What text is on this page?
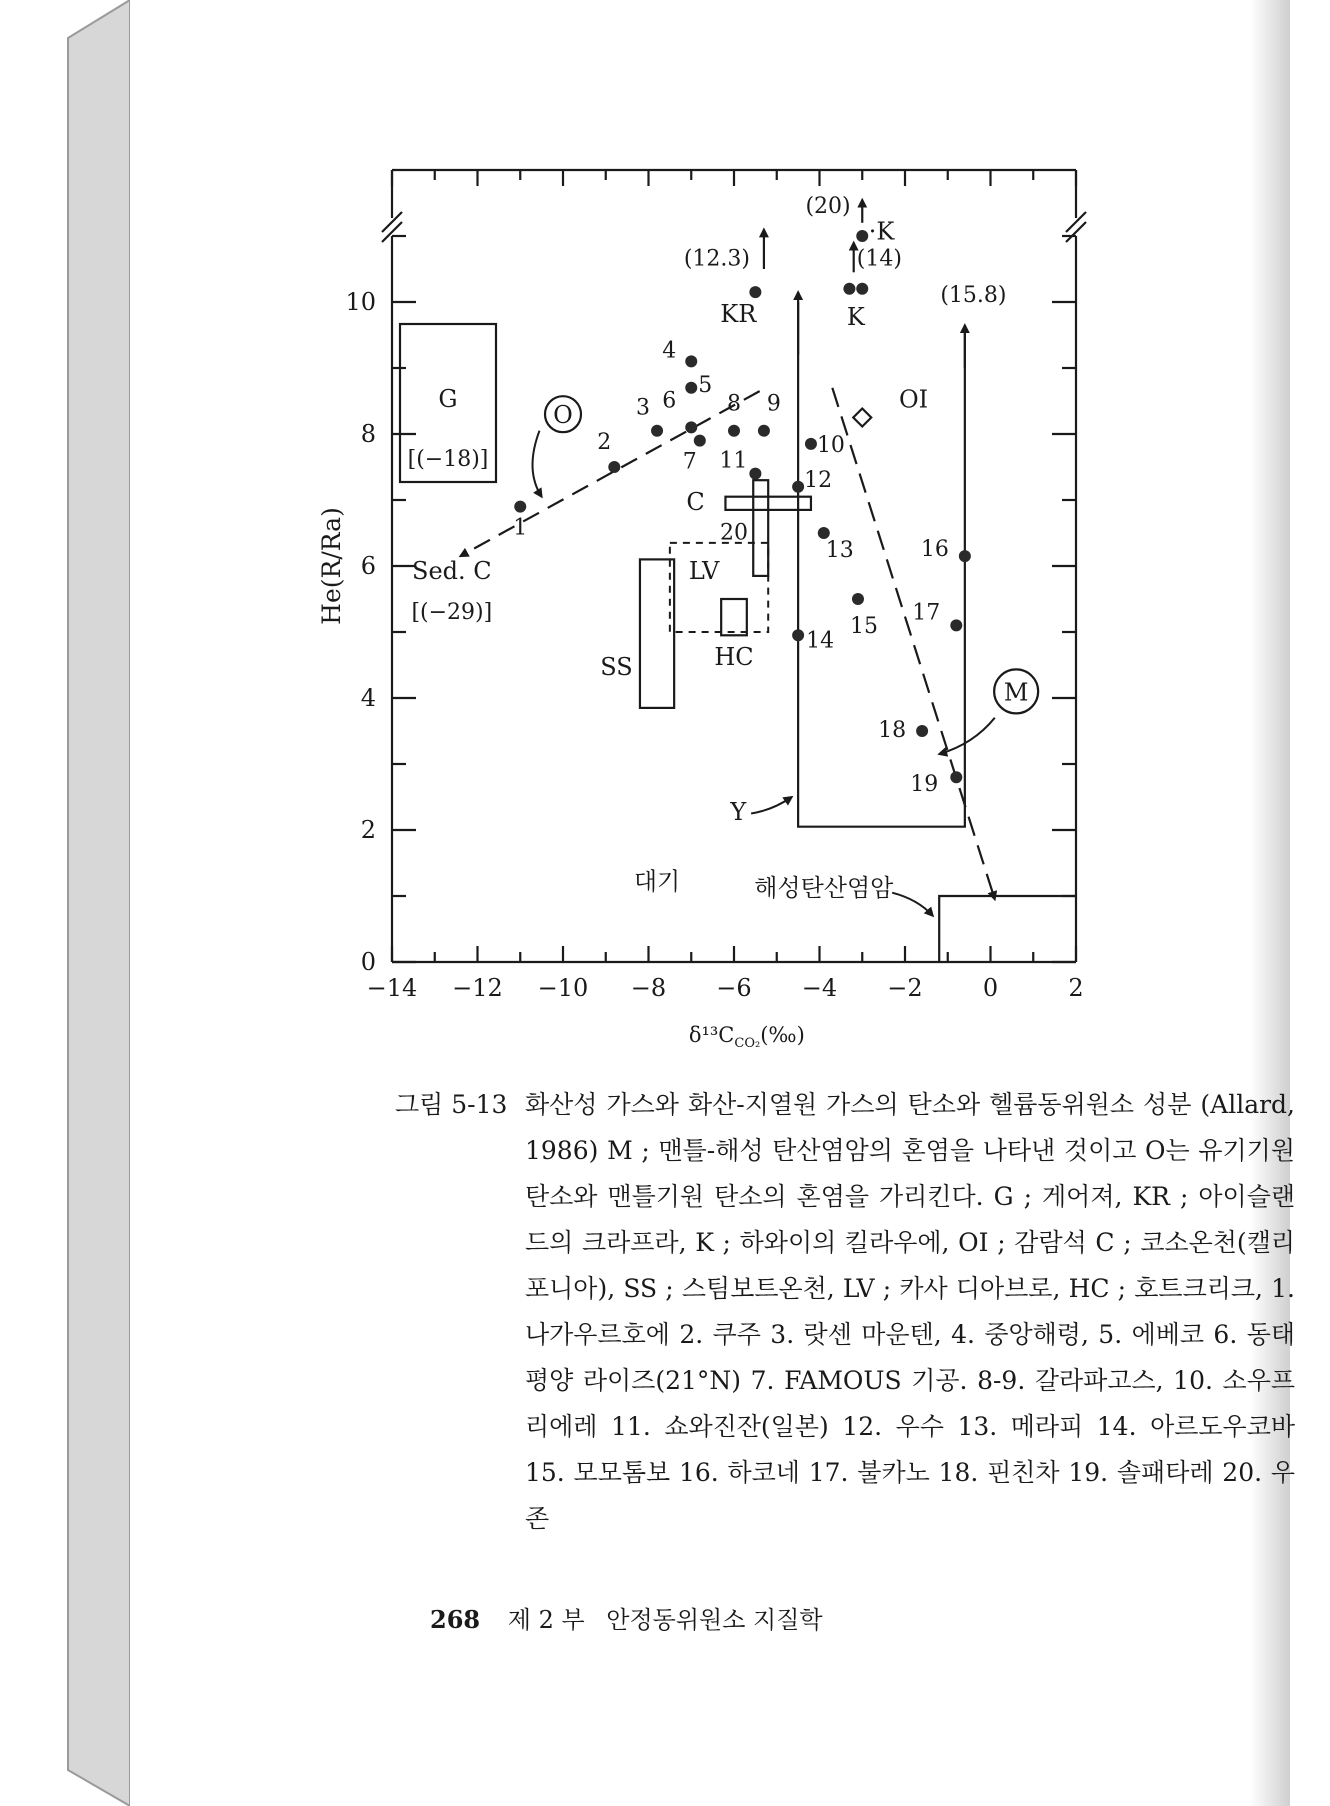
−14 −12 −10 −8 −6 −4 −2	0	2
0
2
4
6
8
10
He(R/Ra)
$\delta^{13}C_{CO_2}(‰)$
G
[(−18)]
SS
LV
HC
C
20
(15.8)
Y
해성탄산염암
대기
O
Sed. C
[(−29)]
M
OI
(12.3)
KR
(14)
K
(20)
·K
1
2
3
4
5
6
7
8 9
10
11
12
13
14
15
16
17
18
19
그림 5-13 화산성 가스와 화산-지열원 가스의 탄소와 헬륨동위원소 성분 (Allard, 1986) M ; 맨틀-해성 탄산염암의 혼염을 나타낸 것이고 O는 유기기원 탄소와 맨틀기원 탄소의 혼염을 가리킨다. G ; 게어져, KR ; 아이슬랜드의 크라프라, K ; 하와이의 킬라우에, OI ; 감람석 C ; 코소온천(캘리포니아), SS ; 스팀보트온천, LV ; 카사 디아브로, HC ; 호트크리크, 1. 나가우르호에 2. 쿠주 3. 랏센 마운텐, 4. 중앙해령, 5. 에베코 6. 동태평양 라이즈(21°N) 7. FAMOUS 기공. 8-9. 갈라파고스, 10. 소우프리에레 11. 쇼와진잔(일본) 12. 우수 13. 메라피 14. 아르도우코바 15. 모모톰보 16. 하코네 17. 불카노 18. 핀친차 19. 솔패타레 20. 우존
268 제 2 부 안정동위원소 지질학
